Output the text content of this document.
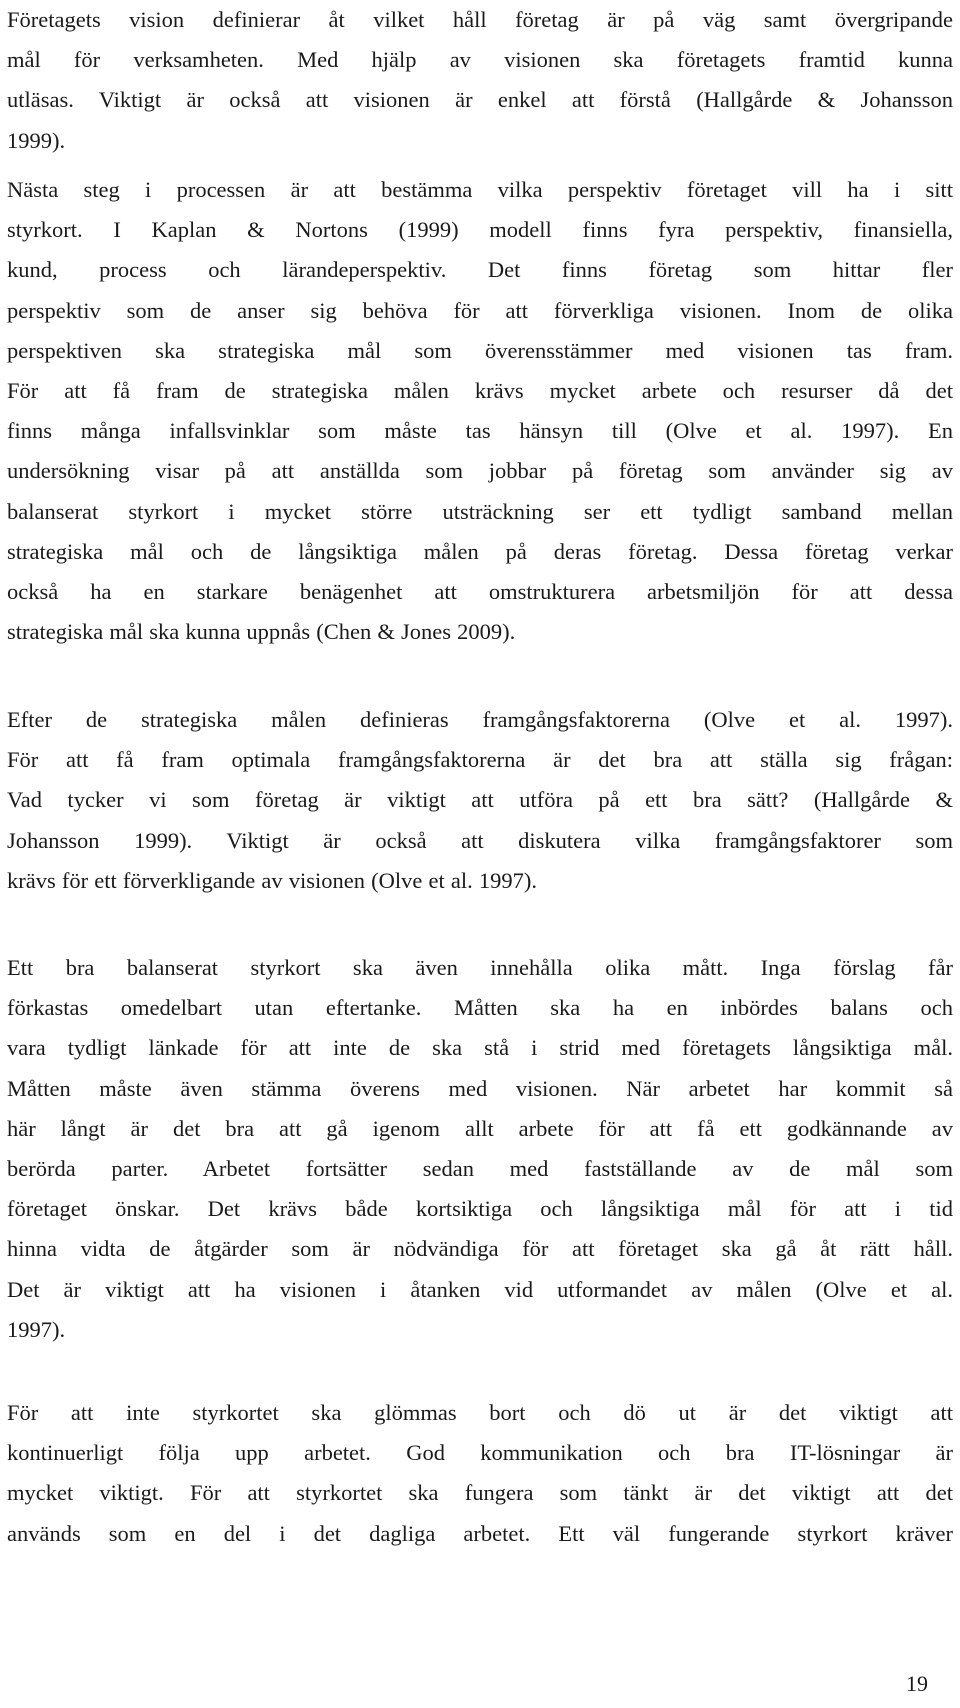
Företagets vision definierar åt vilket håll företag är på väg samt övergripande
mål för verksamheten. Med hjälp av visionen ska företagets framtid kunna
utläsas. Viktigt är också att visionen är enkel att förstå (Hallgårde & Johansson
1999).
Nästa steg i processen är att bestämma vilka perspektiv företaget vill ha i sitt
styrkort. I Kaplan & Nortons (1999) modell finns fyra perspektiv, finansiella,
kund, process och lärandeperspektiv. Det finns företag som hittar fler
perspektiv som de anser sig behöva för att förverkliga visionen. Inom de olika
perspektiven ska strategiska mål som överensstämmer med visionen tas fram.
För att få fram de strategiska målen krävs mycket arbete och resurser då det
finns många infallsvinklar som måste tas hänsyn till (Olve et al. 1997). En
undersökning visar på att anställda som jobbar på företag som använder sig av
balanserat styrkort i mycket större utsträckning ser ett tydligt samband mellan
strategiska mål och de långsiktiga målen på deras företag. Dessa företag verkar
också ha en starkare benägenhet att omstrukturera arbetsmiljön för att dessa
strategiska mål ska kunna uppnås (Chen & Jones 2009).
Efter de strategiska målen definieras framgångsfaktorerna (Olve et al. 1997).
För att få fram optimala framgångsfaktorerna är det bra att ställa sig frågan:
Vad tycker vi som företag är viktigt att utföra på ett bra sätt? (Hallgårde &
Johansson 1999). Viktigt är också att diskutera vilka framgångsfaktorer som
krävs för ett förverkligande av visionen (Olve et al. 1997).
Ett bra balanserat styrkort ska även innehålla olika mått. Inga förslag får
förkastas omedelbart utan eftertanke. Måtten ska ha en inbördes balans och
vara tydligt länkade för att inte de ska stå i strid med företagets långsiktiga mål.
Måtten måste även stämma överens med visionen. När arbetet har kommit så
här långt är det bra att gå igenom allt arbete för att få ett godkännande av
berörda parter. Arbetet fortsätter sedan med fastställande av de mål som
företaget önskar. Det krävs både kortsiktiga och långsiktiga mål för att i tid
hinna vidta de åtgärder som är nödvändiga för att företaget ska gå åt rätt håll.
Det är viktigt att ha visionen i åtanken vid utformandet av målen (Olve et al.
1997).
För att inte styrkortet ska glömmas bort och dö ut är det viktigt att
kontinuerligt följa upp arbetet. God kommunikation och bra IT-lösningar är
mycket viktigt. För att styrkortet ska fungera som tänkt är det viktigt att det
används som en del i det dagliga arbetet. Ett väl fungerande styrkort kräver
19
